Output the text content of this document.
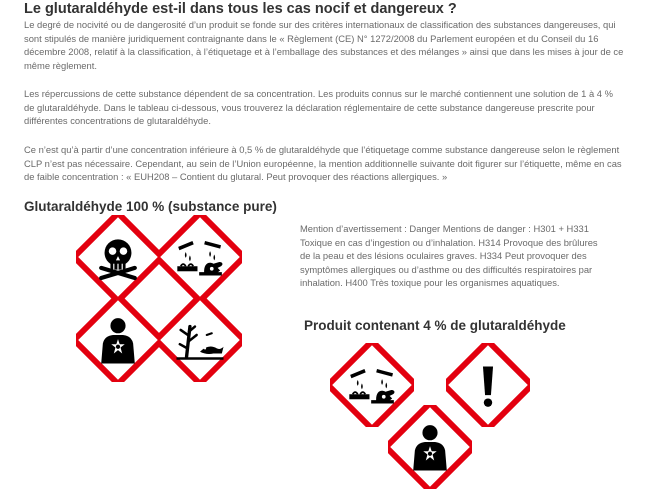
Le glutaraldéhyde est-il dans tous les cas nocif et dangereux ?

Le degré de nocivité ou de dangerosité d’un produit se fonde sur des critères internationaux de classification des substances dangereuses, qui sont stipulés de manière juridiquement contraignante dans le « Règlement (CE) N° 1272/2008 du Parlement européen et du Conseil du 16 décembre 2008, relatif à la classification, à l’étiquetage et à l’emballage des substances et des mélanges » ainsi que dans les mises à jour de ce même règlement.

Les répercussions de cette substance dépendent de sa concentration. Les produits connus sur le marché contiennent une solution de 1 à 4 % de glutaraldéhyde. Dans le tableau ci-dessous, vous trouverez la déclaration réglementaire de cette substance dangereuse prescrite pour différentes concentrations de glutaraldéhyde.

Ce n’est qu’à partir d’une concentration inférieure à 0,5 % de glutaraldéhyde que l’étiquetage comme substance dangereuse selon le règlement CLP n’est pas nécessaire. Cependant, au sein de l’Union européenne, la mention additionnelle suivante doit figurer sur l’étiquette, même en cas de faible concentration : « EUH208 – Contient du glutaral. Peut provoquer des réactions allergiques. »

Glutaraldéhyde 100 % (substance pure)

Mention d’avertissement : Danger Mentions de danger : H301 + H331 Toxique en cas d’ingestion ou d’inhalation. H314 Provoque des brûlures de la peau et des lésions oculaires graves. H334 Peut provoquer des symptômes allergiques ou d’asthme ou des difficultés respiratoires par inhalation. H400 Très toxique pour les organismes aquatiques.

Produit contenant 4 % de glutaraldéhyde
